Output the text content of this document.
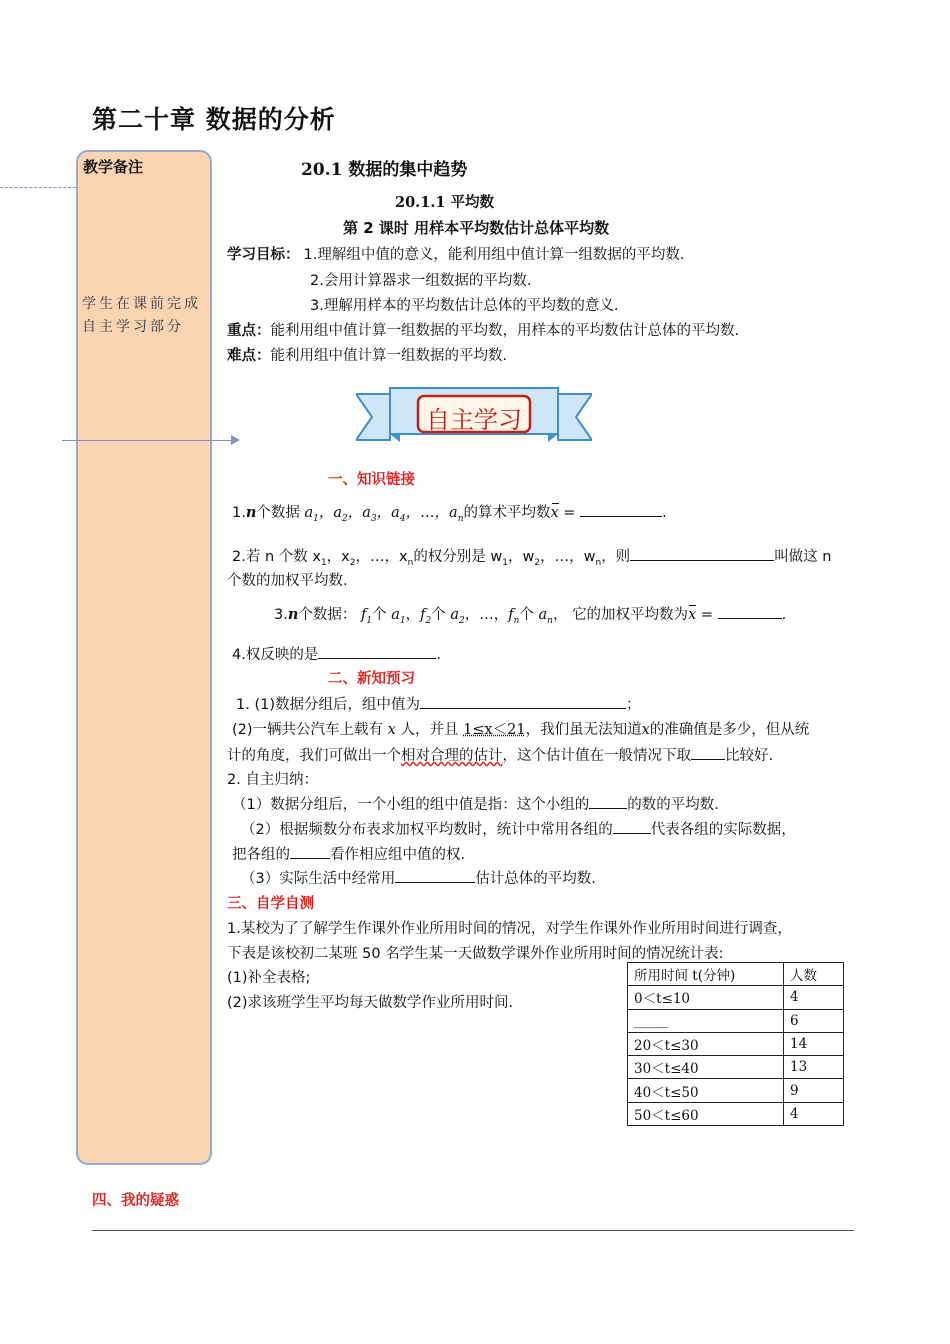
第二十章 数据的分析
教学备注
学生在课前完成自主学习部分
20.1 数据的集中趋势
20.1.1 平均数
第 2 课时 用样本平均数估计总体平均数
学习目标： 1.理解组中值的意义，能利用组中值计算一组数据的平均数.
2.会用计算器求一组数据的平均数.
3.理解用样本的平均数估计总体的平均数的意义.
重点：能利用组中值计算一组数据的平均数，用样本的平均数估计总体的平均数.
难点：能利用组中值计算一组数据的平均数.
自主学习
一、知识链接
1.n个数据 $a_1$，$a_2$，$a_3$，$a_4$，…，$a_n$的算术平均数x =	.
2.若 n 个数 $x_1$，$x_2$，…，$x_n$的权分别是 $w_1$，$w_2$，…，$w_n$，则	叫做这 n
个数的加权平均数.
3.n个数据： $f_1$个 $a_1$，$f_2$个 $a_2$，…，$f_n$个 $a_n$， 它的加权平均数为x =	.
4.权反映的是	.
二、新知预习
1. (1)数据分组后，组中值为	；
(2)一辆共公汽车上载有 x 人，并且 1≤x＜21，我们虽无法知道x的准确值是多少，但从统
计的角度，我们可做出一个相对合理的估计，这个估计值在一般情况下取 比较好.
2. 自主归纳：
（1）数据分组后，一个小组的组中值是指：这个小组的	的数的平均数.
（2）根据频数分布表求加权平均数时，统计中常用各组的	代表各组的实际数据，
把各组的	看作相应组中值的权.
（3）实际生活中经常用	估计总体的平均数.
三、自学自测
1.某校为了了解学生作课外作业所用时间的情况，对学生作课外作业所用时间进行调查，
下表是该校初二某班 50 名学生某一天做数学课外作业所用时间的情况统计表:
(1)补全表格;
(2)求该班学生平均每天做数学作业所用时间.
所用时间 t(分钟)	人数
0＜t≤10	4
_____	6
20＜t≤30	14
30＜t≤40	13
40＜t≤50	9
50＜t≤60	4
四、我的疑惑
